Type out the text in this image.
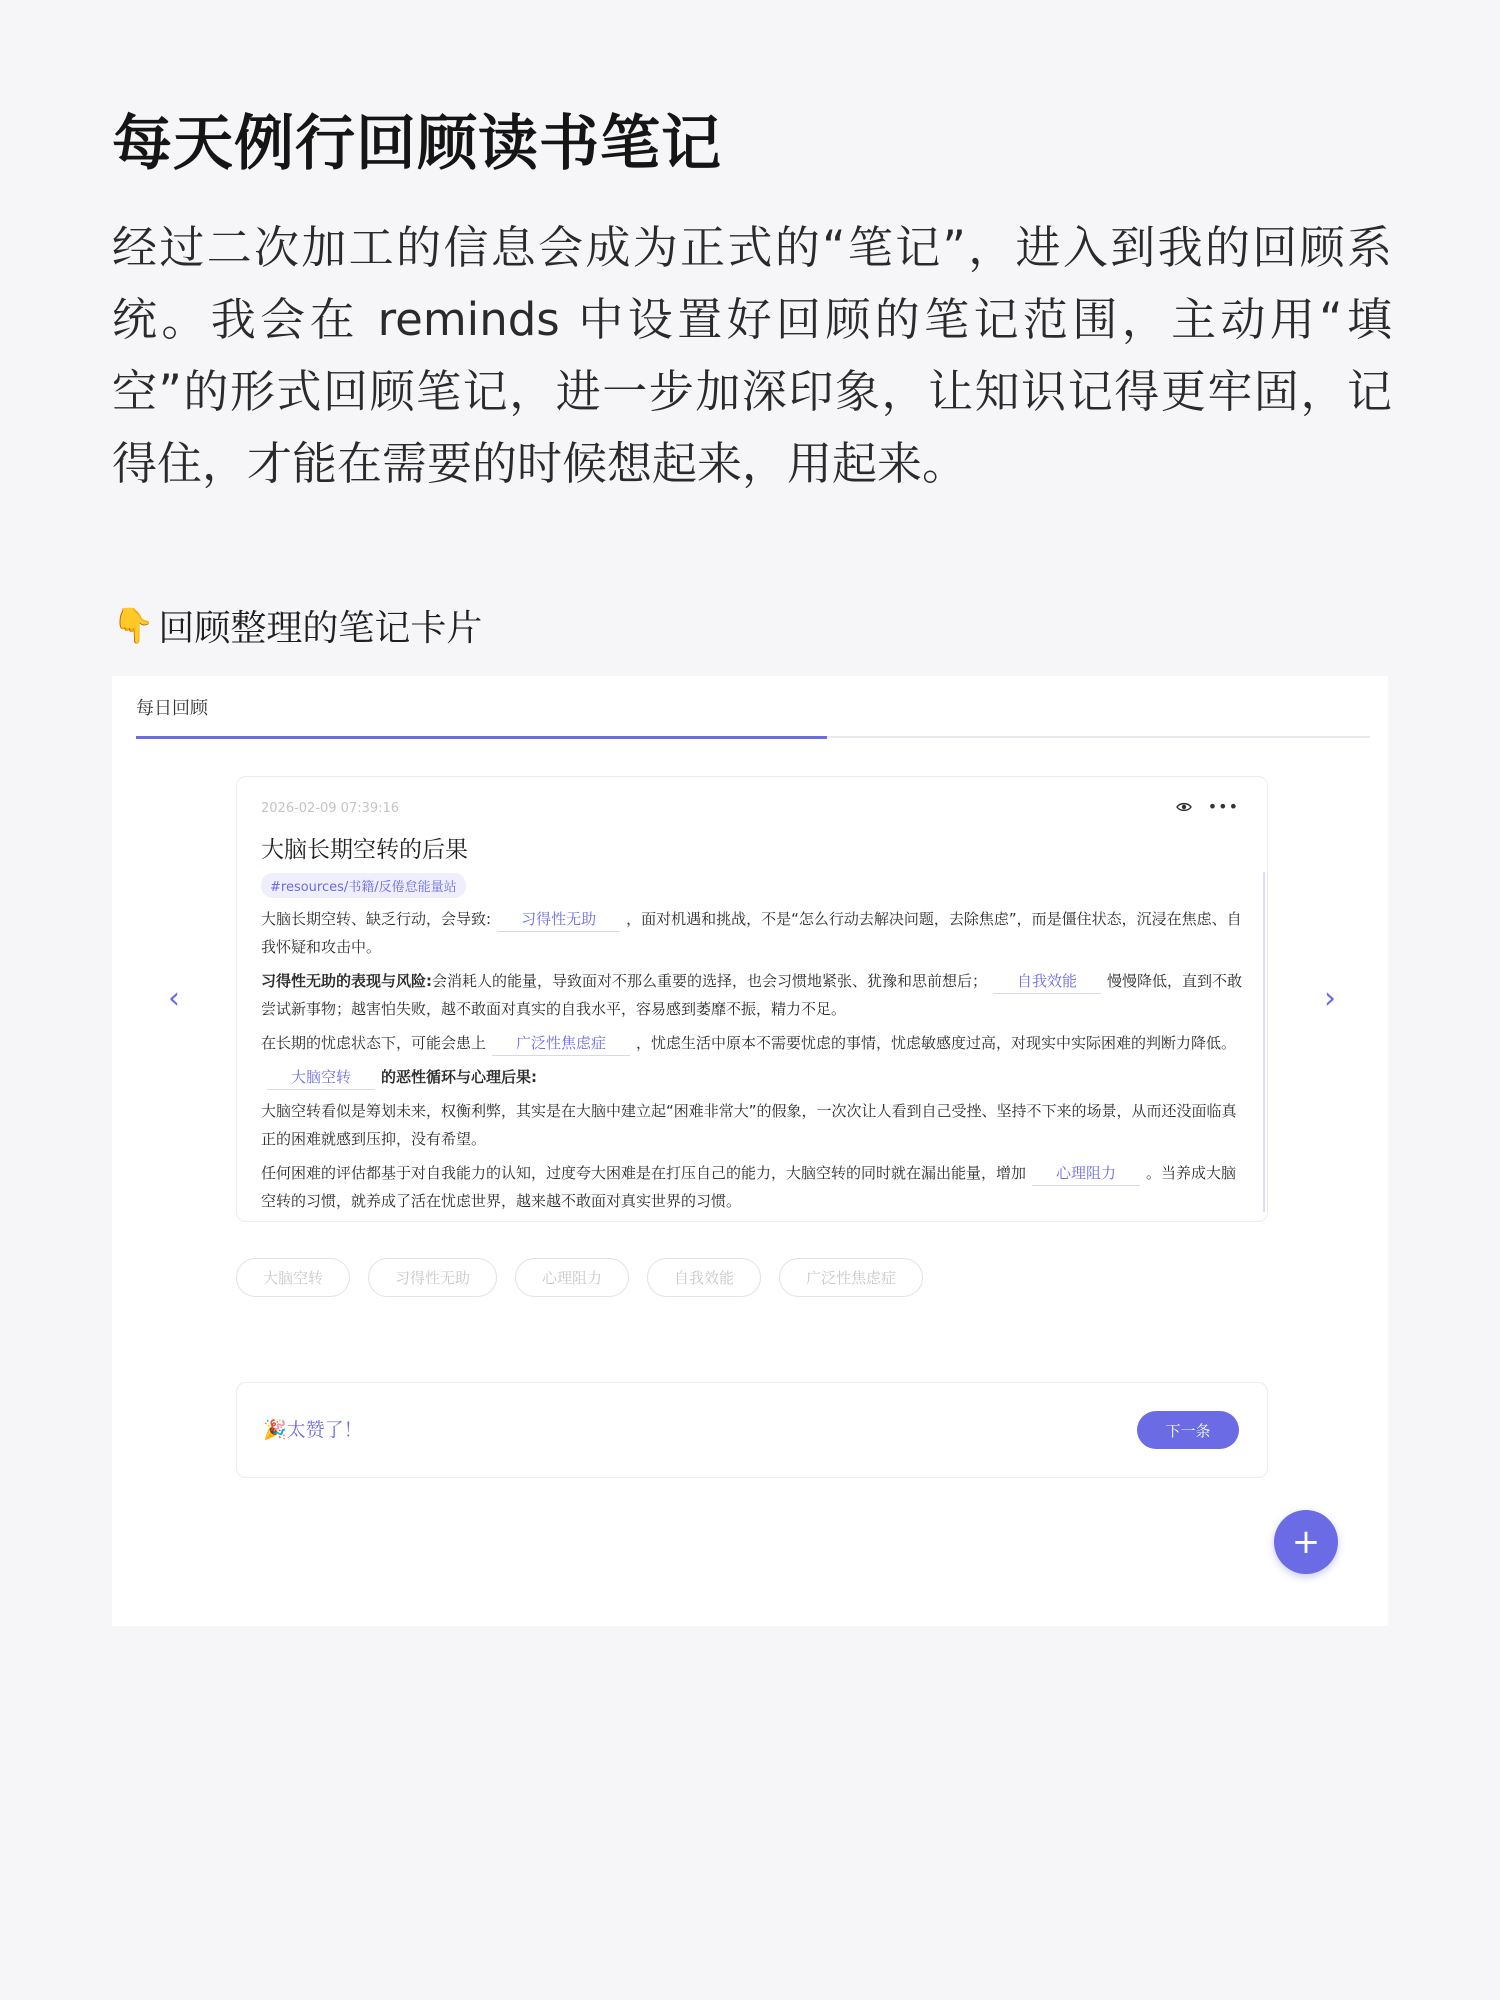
每天例行回顾读书笔记

经过二次加工的信息会成为正式的“笔记”，进入到我的回顾系统。我会在 reminds 中设置好回顾的笔记范围，主动用“填空”的形式回顾笔记，进一步加深印象，让知识记得更牢固，记得住，才能在需要的时候想起来，用起来。

👇 回顾整理的笔记卡片
每日回顾
‹	›
2026-02-09 07:39:16	•••
大脑长期空转的后果
#resources/书籍/反倦怠能量站

大脑长期空转、缺乏行动，会导致: 习得性无助 ，面对机遇和挑战，不是“怎么行动去解决问题，去除焦虑”，而是僵住状态，沉浸在焦虑、自我怀疑和攻击中。

习得性无助的表现与风险:会消耗人的能量，导致面对不那么重要的选择，也会习惯地紧张、犹豫和思前想后； 自我效能 慢慢降低，直到不敢尝试新事物；越害怕失败，越不敢面对真实的自我水平，容易感到萎靡不振，精力不足。

在长期的忧虑状态下，可能会患上 广泛性焦虑症 ，忧虑生活中原本不需要忧虑的事情，忧虑敏感度过高，对现实中实际困难的判断力降低。

大脑空转 的恶性循环与心理后果:

大脑空转看似是筹划未来，权衡利弊，其实是在大脑中建立起“困难非常大”的假象，一次次让人看到自己受挫、坚持不下来的场景，从而还没面临真正的困难就感到压抑，没有希望。

任何困难的评估都基于对自我能力的认知，过度夸大困难是在打压自己的能力，大脑空转的同时就在漏出能量，增加 心理阻力 。当养成大脑空转的习惯，就养成了活在忧虑世界，越来越不敢面对真实世界的习惯。

大脑空转	习得性无助	心理阻力	自我效能	广泛性焦虑症
🎉太赞了！	下一条
+
